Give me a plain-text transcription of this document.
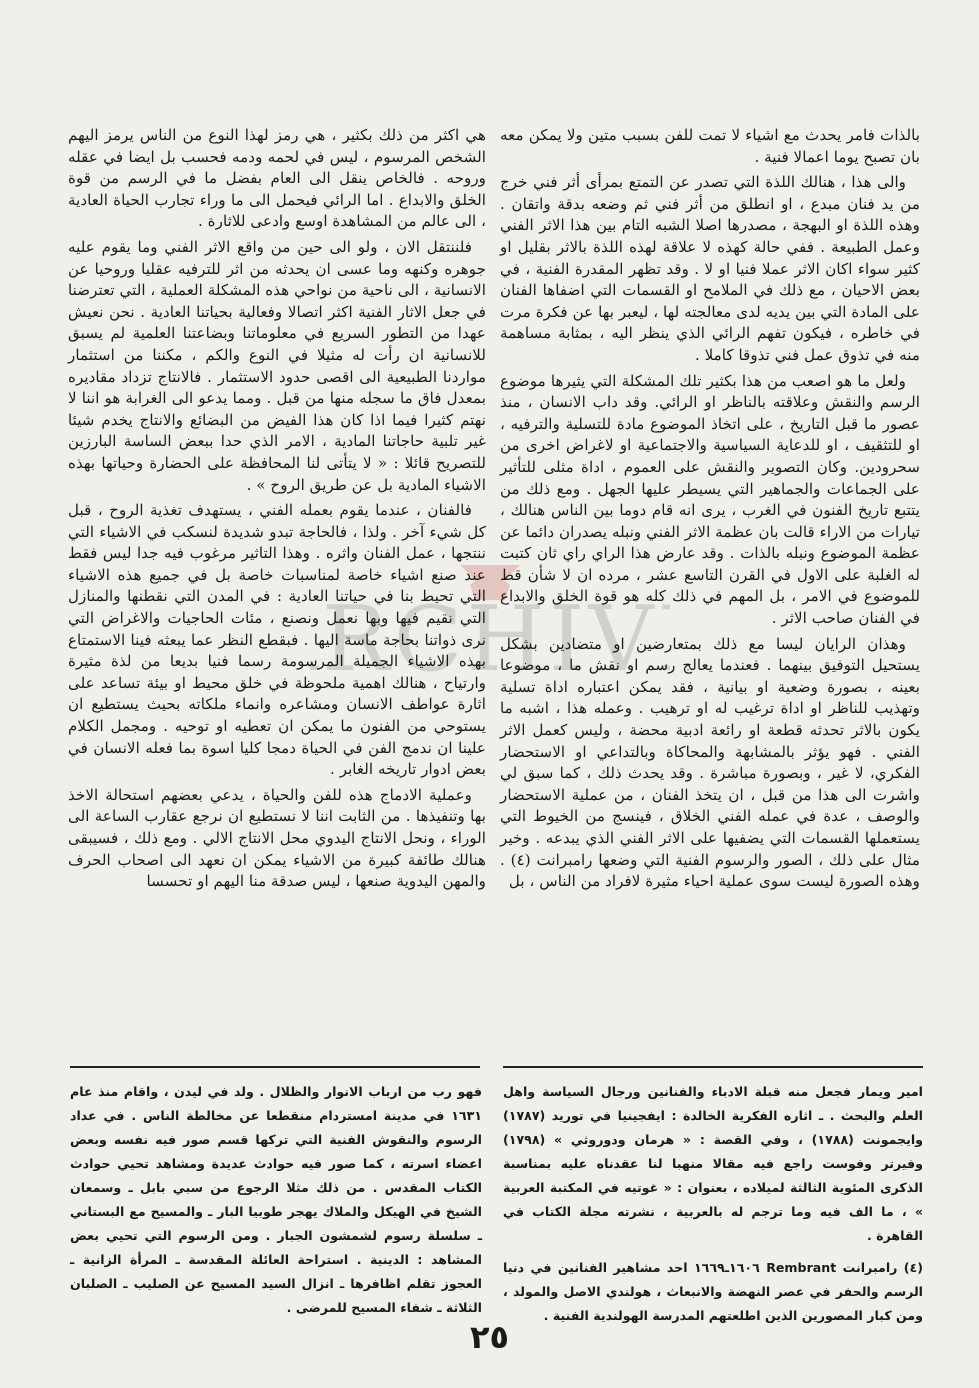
RCHIV

بالذات فامر يحدث مع اشياء لا تمت للفن بسبب متين ولا يمكن معه بان تصبح يوما اعمالا فنية .

والى هذا ، هنالك اللذة التي تصدر عن التمتع بمرأى أثر فني خرج من يد فنان مبدع ، او انطلق من أثر فني ثم وضعه بدقة واتقان . وهذه اللذة او البهجة ، مصدرها اصلا الشبه التام بين هذا الاثر الفني وعمل الطبيعة . ففي حالة كهذه لا علاقة لهذه اللذة بالاثر بقليل او كثير سواء اكان الاثر عملا فنيا او لا . وقد تظهر المقدرة الفنية ، في بعض الاحيان ، مع ذلك في الملامح او القسمات التي اضفاها الفنان على المادة التي بين يديه لدى معالجته لها ، ليعبر بها عن فكرة مرت في خاطره ، فيكون تفهم الرائي الذي ينظر اليه ، بمثابة مساهمة منه في تذوق عمل فني تذوقا كاملا .

ولعل ما هو اصعب من هذا بكثير تلك المشكلة التي يثيرها موضوع الرسم والنقش وعلاقته بالناظر او الرائي. وقد داب الانسان ، منذ عصور ما قبل التاريخ ، على اتخاذ الموضوع مادة للتسلية والترفيه ، او للتثقيف ، او للدعاية السياسية والاجتماعية او لاغراض اخرى من سحرودين. وكان التصوير والنقش على العموم ، اداة مثلى للتأثير على الجماعات والجماهير التي يسيطر عليها الجهل . ومع ذلك من يتتبع تاريخ الفنون في الغرب ، يرى انه قام دوما بين الناس هنالك ، تيارات من الاراء قالت بان عظمة الاثر الفني ونبله يصدران دائما عن عظمة الموضوع ونبله بالذات . وقد عارض هذا الراي راي ثان كتبت له الغلبة على الاول في القرن التاسع عشر ، مرده ان لا شأن قط للموضوع في الامر ، بل المهم في ذلك كله هو قوة الخلق والابداع في الفنان صاحب الاثر .

وهذان الرايان ليسا مع ذلك بمتعارضين او متضادين بشكل يستحيل التوفيق بينهما . فعندما يعالج رسم او نقش ما ، موضوعا بعينه ، بصورة وضعية او بيانية ، فقد يمكن اعتباره اداة تسلية وتهذيب للناظر او اداة ترغيب له او ترهيب . وعمله هذا ، اشبه ما يكون بالاثر تحدثه قطعة او رائعة ادبية محضة ، وليس كعمل الاثر الفني . فهو يؤثر بالمشابهة والمحاكاة وبالتداعي او الاستحضار الفكري، لا غير ، وبصورة مباشرة . وقد يحدث ذلك ، كما سبق لي واشرت الى هذا من قبل ، ان يتخذ الفنان ، من عملية الاستحضار والوصف ، عدة في عمله الفني الخلاق ، فينسج من الخيوط التي يستعملها القسمات التي يضفيها على الاثر الفني الذي يبدعه . وخير مثال على ذلك ، الصور والرسوم الفنية التي وضعها رامبرانت (٤) . وهذه الصورة ليست سوى عملية احياء مثيرة لافراد من الناس ، بل

هي اكثر من ذلك بكثير ، هي رمز لهذا النوع من الناس يرمز اليهم الشخص المرسوم ، ليس في لحمه ودمه فحسب بل ايضا في عقله وروحه . فالخاص ينقل الى العام بفضل ما في الرسم من قوة الخلق والابداع . اما الرائي فيحمل الى ما وراء تجارب الحياة العادية ، الى عالم من المشاهدة اوسع وادعى للاثارة .

فلننتقل الان ، ولو الى حين من واقع الاثر الفني وما يقوم عليه جوهره وكنهه وما عسى ان يحدثه من اثر للترفيه عقليا وروحيا عن الانسانية ، الى ناحية من نواحي هذه المشكلة العملية ، التي تعترضنا في جعل الاثار الفنية اكثر اتصالا وفعالية بحياتنا العادية . نحن نعيش عهدا من التطور السريع في معلوماتنا وبضاعتنا العلمية لم يسبق للانسانية ان رأت له مثيلا في النوع والكم ، مكننا من استثمار مواردنا الطبيعية الى اقصى حدود الاستثمار . فالانتاج تزداد مقاديره بمعدل فاق ما سجله منها من قبل . ومما يدعو الى الغرابة هو اننا لا نهتم كثيرا فيما اذا كان هذا الفيض من البضائع والانتاج يخدم شيئا غير تلبية حاجاتنا المادية ، الامر الذي حدا ببعض الساسة البارزين للتصريح قائلا : « لا يتأتى لنا المحافظة على الحضارة وحياتها بهذه الاشياء المادية بل عن طريق الروح » .

فالفنان ، عندما يقوم بعمله الفني ، يستهدف تغذية الروح ، قبل كل شيء آخر . ولذا ، فالحاجة تبدو شديدة لنسكب في الاشياء التي ننتجها ، عمل الفنان واثره . وهذا التاثير مرغوب فيه جدا ليس فقط عند صنع اشياء خاصة لمناسبات خاصة بل في جميع هذه الاشياء التي تحيط بنا في حياتنا العادية : في المدن التي نقطنها والمنازل التي نقيم فيها وبها نعمل ونصنع ، مئات الحاجيات والاغراض التي نرى ذواتنا بحاجة ماسة اليها . فبقطع النظر عما يبعثه فينا الاستمتاع بهذه الاشياء الجميلة المرسومة رسما فنيا بديعا من لذة مثيرة وارتياح ، هنالك اهمية ملحوظة في خلق محيط او بيئة تساعد على اثارة عواطف الانسان ومشاعره وانماء ملكاته بحيث يستطيع ان يستوحي من الفنون ما يمكن ان تعطيه او توحيه . ومجمل الكلام علينا ان ندمج الفن في الحياة دمجا كليا اسوة بما فعله الانسان في بعض ادوار تاريخه الغابر .

وعملية الادماج هذه للفن والحياة ، يدعي بعضهم استحالة الاخذ بها وتنفيذها . من الثابت اننا لا نستطيع ان نرجع عقارب الساعة الى الوراء ، ونحل الانتاج اليدوي محل الانتاج الالي . ومع ذلك ، فسيبقى هنالك طائفة كبيرة من الاشياء يمكن ان نعهد الى اصحاب الحرف والمهن اليدوية صنعها ، ليس صدقة منا اليهم او تحسسا

امير ويمار فجعل منه قبلة الادباء والفنانين ورجال السياسة واهل العلم والبحث . ـ اثاره الفكرية الخالدة : ايفجينيا في توريد (١٧٨٧) وايجمونت (١٧٨٨) ، وفي القصة : « هرمان ودوروثي » (١٧٩٨) وفيرتر وفوست راجع فيه مقالا منهبا لنا عقدناه عليه بمناسبة الذكرى المئوية الثالثة لميلاده ، بعنوان : « غوتيه في المكتبة العربية » ، ما الف فيه وما ترجم له بالعربية ، نشرته مجلة الكتاب في القاهرة .

(٤) رامبرانت Rembrant ١٦٠٦ـ١٦٦٩ احد مشاهير الفنانين في دنيا الرسم والحفر في عصر النهضة والانبعاث ، هولندي الاصل والمولد ، ومن كبار المصورين الذين اطلعتهم المدرسة الهولندية الفنية .

فهو رب من ارباب الانوار والظلال . ولد في ليدن ، واقام منذ عام ١٦٣١ في مدينة امستردام منقطعا عن مخالطة الناس . في عداد الرسوم والنقوش الفنية التي تركها قسم صور فيه نفسه وبعض اعضاء اسرته ، كما صور فيه حوادث عديدة ومشاهد تحيي حوادث الكتاب المقدس . من ذلك مثلا الرجوع من سبي بابل ـ وسمعان الشيخ في الهيكل والملاك يهجر طوبيا البار ـ والمسيح مع البستاني ـ سلسلة رسوم لشمشون الجبار . ومن الرسوم التي تحيي بعض المشاهد : الدينية . استراحة العائلة المقدسة ـ المرأة الزانية ـ العجوز تقلم اظافرها ـ انزال السيد المسيح عن الصليب ـ الصلبان الثلاثة ـ شفاء المسيح للمرضى .

٢٥
